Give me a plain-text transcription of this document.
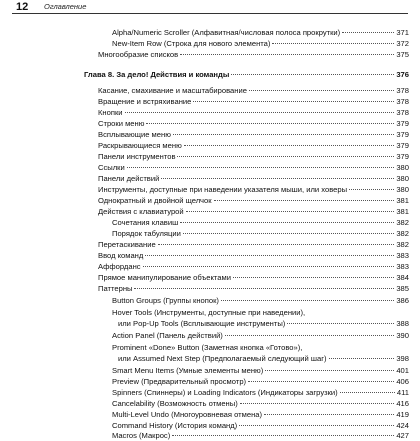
12 Оглавление
Alpha/Numeric Scroller (Алфавитная/числовая полоса прокрутки)	371
New-Item Row (Строка для нового элемента)	372
Многообразие списков	375
Глава 8. За дело! Действия и команды	376
Касание, смахивание и масштабирование	378
Вращение и встряхивание	378
Кнопки	378
Строки меню	379
Всплывающие меню	379
Раскрывающиеся меню	379
Панели инструментов	379
Ссылки	380
Панели действий	380
Инструменты, доступные при наведении указателя мыши, или ховеры	380
Однократный и двойной щелчок	381
Действия с клавиатурой	381
Сочетания клавиш	382
Порядок табуляции	382
Перетаскивание	382
Ввод команд	383
Аффорданс	383
Прямое манипулирование объектами	384
Паттерны	385
Button Groups (Группы кнопок)	386
Hover Tools (Инструменты, доступные при наведении),
или Pop-Up Tools (Всплывающие инструменты)	388
Action Panel (Панель действий)	390
Prominent «Done» Button (Заметная кнопка «Готово»),
или Assumed Next Step (Предполагаемый следующий шаг)	398
Smart Menu Items (Умные элементы меню)	401
Preview (Предварительный просмотр)	406
Spinners (Спиннеры) и Loading Indicators (Индикаторы загрузки)	411
Cancelability (Возможность отмены)	416
Multi-Level Undo (Многоуровневая отмена)	419
Command History (История команд)	424
Macros (Макрос)	427
